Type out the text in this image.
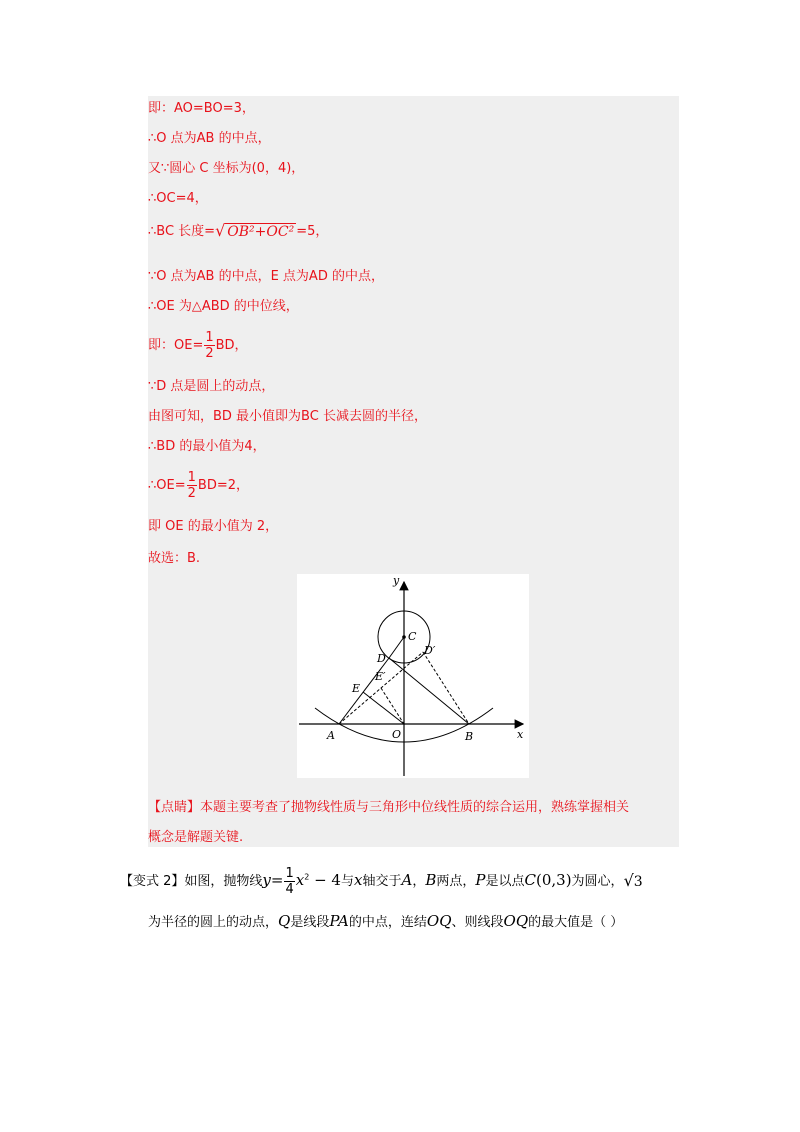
即：AO=BO=3，
∴O 点为AB 的中点，
又∵圆心 C 坐标为(0，4)，
∴OC=4，
∴BC 长度=√ OB²+OC² =5，
∵O 点为AB 的中点，E 点为AD 的中点，
∴OE 为△ABD 的中位线，
即：$OE= \frac{1}{2}$ BD，
∵D 点是圆上的动点，
由图可知，BD 最小值即为BC 长减去圆的半径，
∴BD 的最小值为4，
∴OE= $\frac{1}{2} BD=2$，
即 OE 的最小值为 2，
故选：B.
y
x
A	O	B
C
D
D′
E
E′
【点睛】本题主要考查了抛物线性质与三角形中位线性质的综合运用，熟练掌握相关
概念是解题关键.
【变式 2】如图，抛物线$y= \frac{1}{4} x^2 - 4$与x轴交于A，B两点，P是以点C(0,3)为圆心，√3
为半径的圆上的动点，Q是线段PA的中点，连结OQ、则线段OQ的最大值是（ ）
